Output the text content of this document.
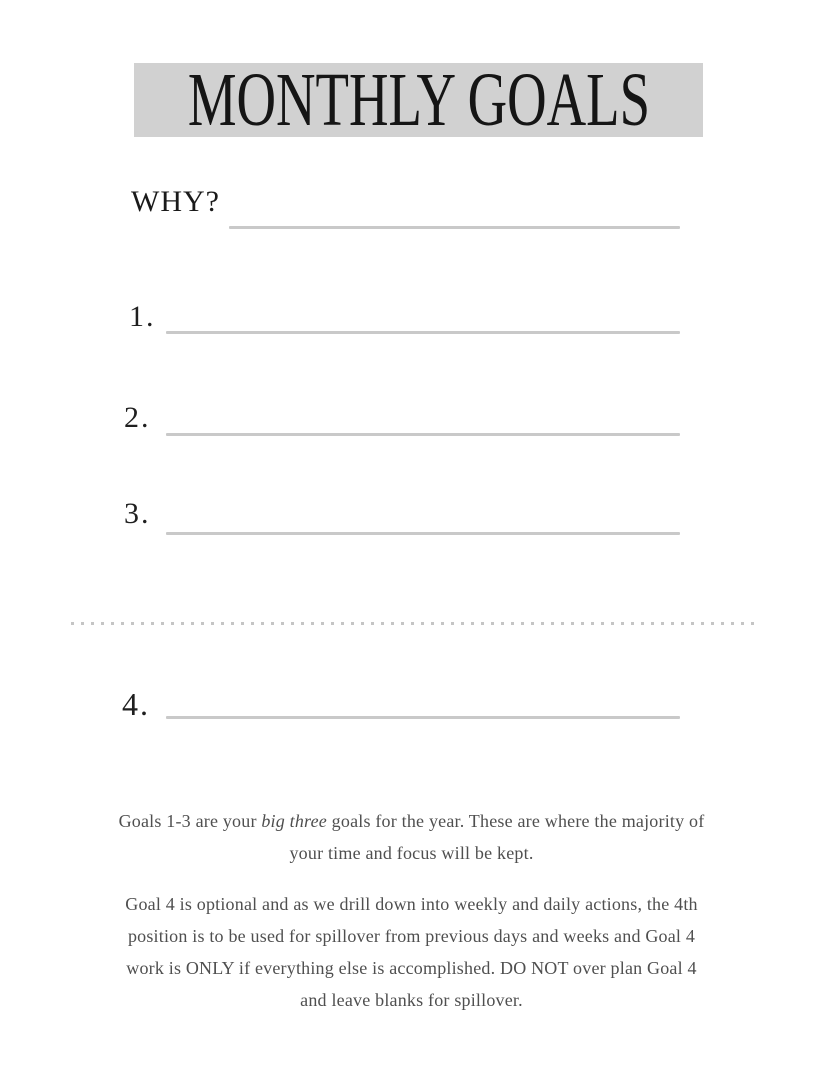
MONTHLY GOALS
WHY?
1.
2.
3.
4.
Goals 1-3 are your big three goals for the year. These are where the majority of
your time and focus will be kept.
Goal 4 is optional and as we drill down into weekly and daily actions, the 4th
position is to be used for spillover from previous days and weeks and Goal 4
work is ONLY if everything else is accomplished. DO NOT over plan Goal 4
and leave blanks for spillover.
